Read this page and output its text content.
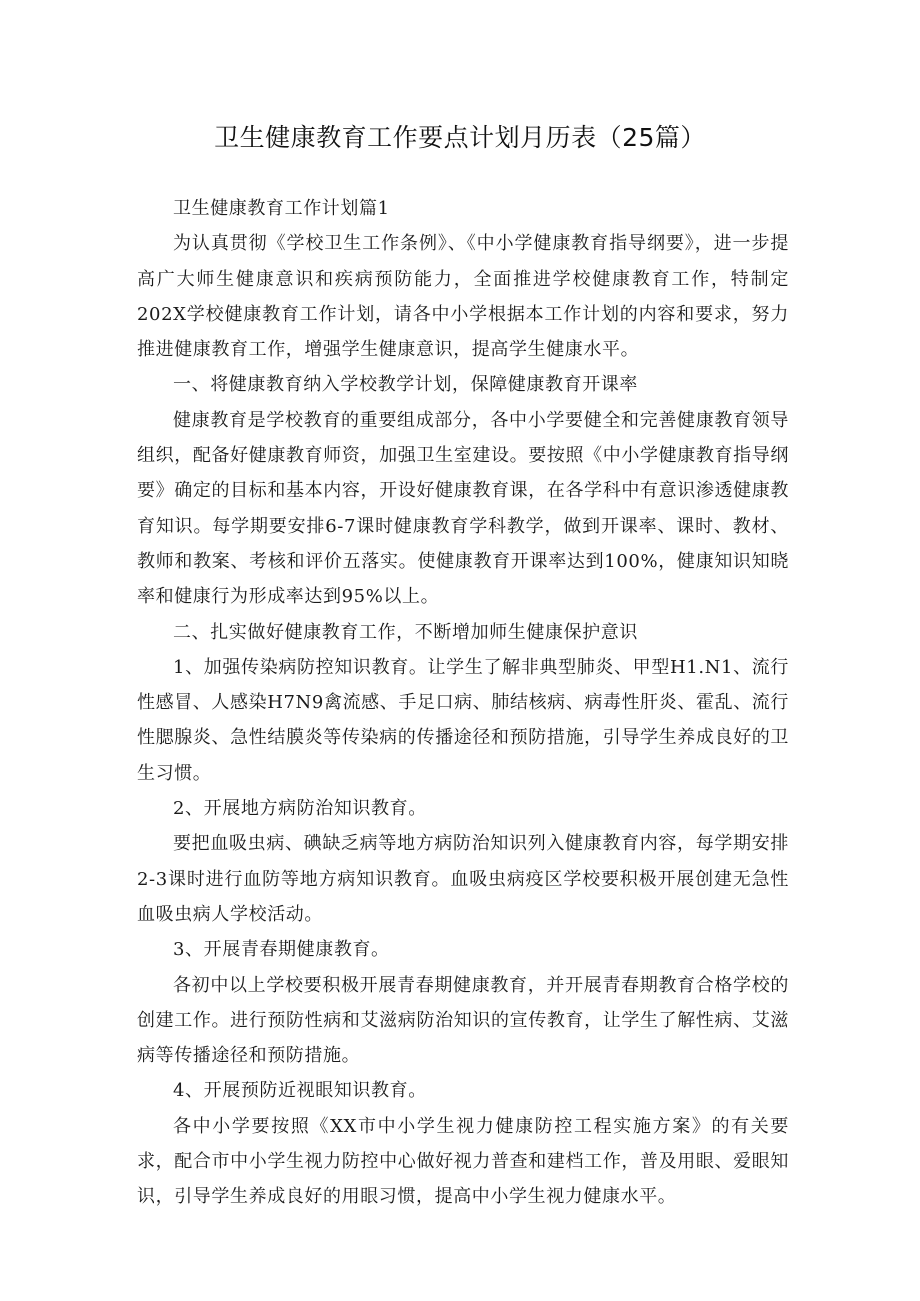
卫生健康教育工作要点计划月历表（25篇）

卫生健康教育工作计划篇1

为认真贯彻《学校卫生工作条例》、《中小学健康教育指导纲要》，进一步提高广大师生健康意识和疾病预防能力，全面推进学校健康教育工作，特制定202X学校健康教育工作计划，请各中小学根据本工作计划的内容和要求，努力推进健康教育工作，增强学生健康意识，提高学生健康水平。

一、将健康教育纳入学校教学计划，保障健康教育开课率

健康教育是学校教育的重要组成部分，各中小学要健全和完善健康教育领导组织，配备好健康教育师资，加强卫生室建设。要按照《中小学健康教育指导纲要》确定的目标和基本内容，开设好健康教育课，在各学科中有意识渗透健康教育知识。每学期要安排6-7课时健康教育学科教学，做到开课率、课时、教材、教师和教案、考核和评价五落实。使健康教育开课率达到100%，健康知识知晓率和健康行为形成率达到95%以上。

二、扎实做好健康教育工作，不断增加师生健康保护意识

1、加强传染病防控知识教育。让学生了解非典型肺炎、甲型H1.N1、流行性感冒、人感染H7N9禽流感、手足口病、肺结核病、病毒性肝炎、霍乱、流行性腮腺炎、急性结膜炎等传染病的传播途径和预防措施，引导学生养成良好的卫生习惯。

2、开展地方病防治知识教育。

要把血吸虫病、碘缺乏病等地方病防治知识列入健康教育内容，每学期安排2-3课时进行血防等地方病知识教育。血吸虫病疫区学校要积极开展创建无急性血吸虫病人学校活动。

3、开展青春期健康教育。

各初中以上学校要积极开展青春期健康教育，并开展青春期教育合格学校的创建工作。进行预防性病和艾滋病防治知识的宣传教育，让学生了解性病、艾滋病等传播途径和预防措施。

4、开展预防近视眼知识教育。

各中小学要按照《XX市中小学生视力健康防控工程实施方案》的有关要求，配合市中小学生视力防控中心做好视力普查和建档工作，普及用眼、爱眼知识，引导学生养成良好的用眼习惯，提高中小学生视力健康水平。
